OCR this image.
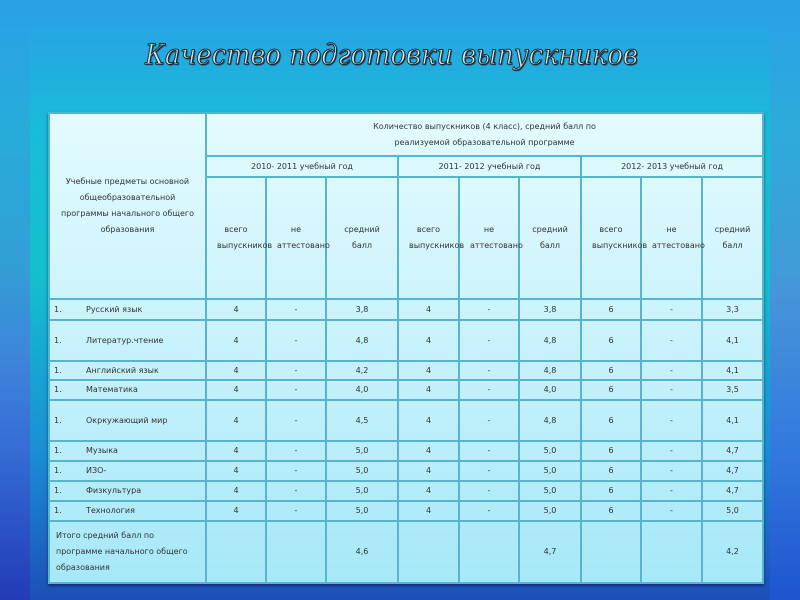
Качество подготовки выпускников
Учебные предметы основной общеобразовательной программы начального общего образования	Количество выпускников (4 класс), средний балл по реализуемой образовательной программе								
	2010- 2011 учебный год			2011- 2012 учебный год			2012- 2013 учебный год		
	всего выпускников	не аттестовано	средний балл	всего выпускников	не аттестовано	средний балл	всего выпускников	не аттестовано	средний балл
1. Русский язык	4	-	3,8	4	-	3,8	6	-	3,3
1. Литератур.чтение	4	-	4,8	4	-	4,8	6	-	4,1
1. Английский язык	4	-	4,2	4	-	4,8	6	-	4,1
1. Математика	4	-	4,0	4	-	4,0	6	-	3,5
1. Окркужающий мир	4	-	4,5	4	-	4,8	6	-	4,1
1. Музыка	4	-	5,0	4	-	5,0	6	-	4,7
1. ИЗО-	4	-	5,0	4	-	5,0	6	-	4,7
1. Физкультура	4	-	5,0	4	-	5,0	6	-	4,7
1. Технология	4	-	5,0	4	-	5,0	6	-	5,0
Итого средний балл по программе начального общего образования			4,6			4,7			4,2
